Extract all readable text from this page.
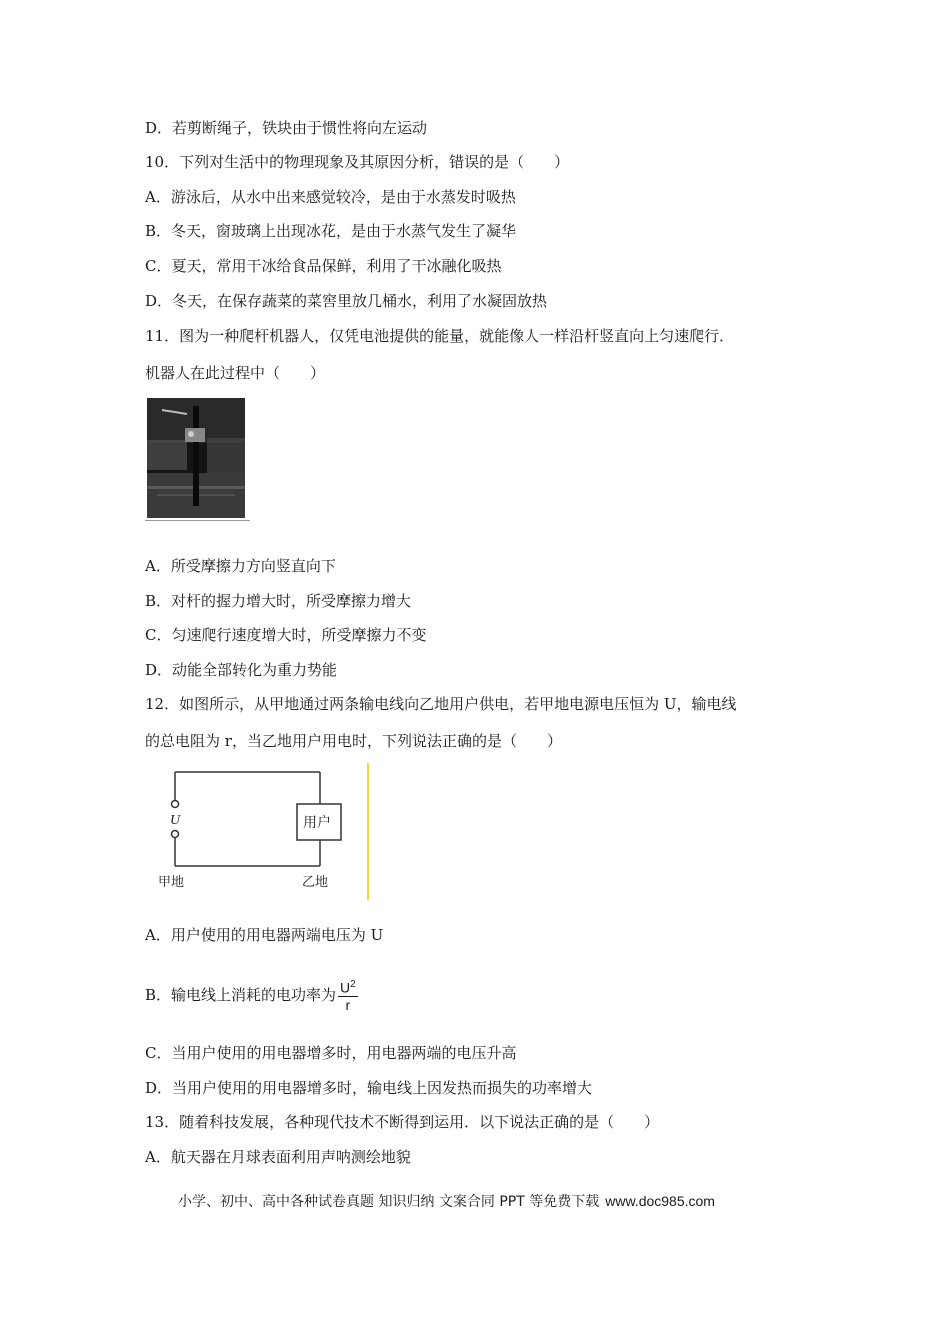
D．若剪断绳子，铁块由于惯性将向左运动
10．下列对生活中的物理现象及其原因分析，错误的是（　　）
A．游泳后，从水中出来感觉较冷，是由于水蒸发时吸热
B．冬天，窗玻璃上出现冰花，是由于水蒸气发生了凝华
C．夏天，常用干冰给食品保鲜，利用了干冰融化吸热
D．冬天，在保存蔬菜的菜窖里放几桶水，利用了水凝固放热
11．图为一种爬杆机器人，仅凭电池提供的能量，就能像人一样沿杆竖直向上匀速爬行．
机器人在此过程中（　　）
A．所受摩擦力方向竖直向下
B．对杆的握力增大时，所受摩擦力增大
C．匀速爬行速度增大时，所受摩擦力不变
D．动能全部转化为重力势能
12．如图所示，从甲地通过两条输电线向乙地用户供电，若甲地电源电压恒为 U，输电线
的总电阻为 r，当乙地用户用电时，下列说法正确的是（　　）
U	用户
甲地	乙地
A．用户使用的用电器两端电压为 U
B．输电线上消耗的电功率为 $\frac{U^2}{r}$
C．当用户使用的用电器增多时，用电器两端的电压升高
D．当用户使用的用电器增多时，输电线上因发热而损失的功率增大
13．随着科技发展，各种现代技术不断得到运用．以下说法正确的是（　　）
A．航天器在月球表面利用声呐测绘地貌
小学、初中、高中各种试卷真题 知识归纳 文案合同 PPT 等免费下载 www.doc985.com
